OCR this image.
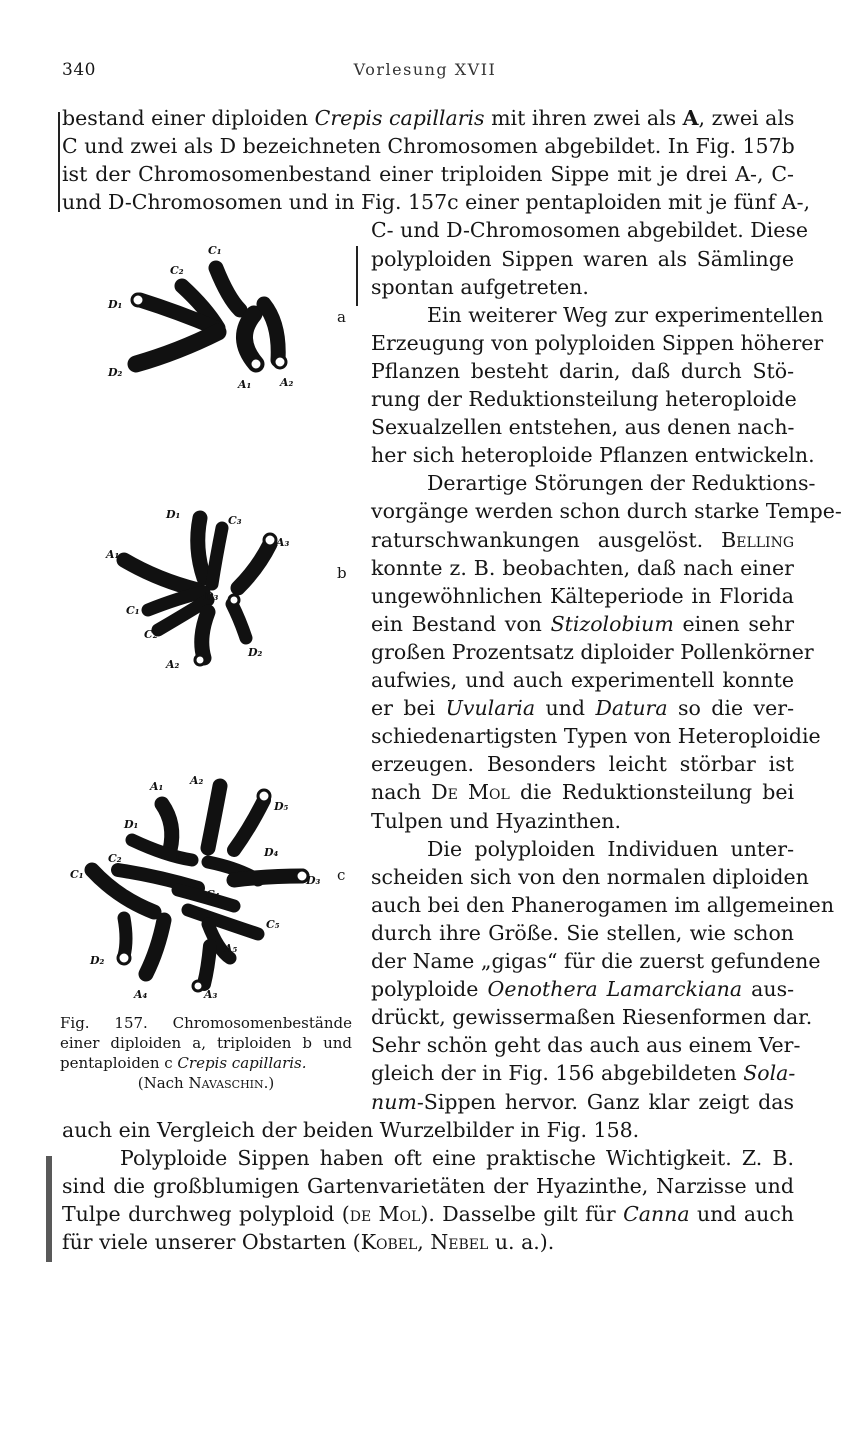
340	Vorlesung XVII
C₁
C₂
D₁
D₂
A₁	A₂
D₁	C₃
A₃
A₁
D₃
C₁
C₂
D₂
A₂
A₁ A₂
D₅
D₁
C₂	C₃	D₄
C₁	D₃
C₄
C₅
A₅
D₂
A₄	A₃
a
b
c
Fig. 157. Chromosomenbestände einer diploiden a, triploiden b und pentaploiden c Crepis capillaris.
(Nach Navaschin.)
bestand einer diploiden Crepis capillaris mit ihren zwei als A, zwei als
C und zwei als D bezeichneten Chromosomen abgebildet. In Fig. 157b
ist der Chromosomenbestand einer triploiden Sippe mit je drei A-, C-
und D-Chromosomen und in Fig. 157c einer pentaploiden mit je fünf A-,
C- und D-Chromosomen abgebildet. Diese
polyploiden Sippen waren als Sämlinge
spontan aufgetreten.
Ein weiterer Weg zur experimentellen
Erzeugung von polyploiden Sippen höherer
Pflanzen besteht darin, daß durch Stö-
rung der Reduktionsteilung heteroploide
Sexualzellen entstehen, aus denen nach-
her sich heteroploide Pflanzen entwickeln.
Derartige Störungen der Reduktions-
vorgänge werden schon durch starke Tempe-
raturschwankungen ausgelöst. Belling
konnte z. B. beobachten, daß nach einer
ungewöhnlichen Kälteperiode in Florida
ein Bestand von Stizolobium einen sehr
großen Prozentsatz diploider Pollenkörner
aufwies, und auch experimentell konnte
er bei Uvularia und Datura so die ver-
schiedenartigsten Typen von Heteroploidie
erzeugen. Besonders leicht störbar ist
nach De Mol die Reduktionsteilung bei
Tulpen und Hyazinthen.
Die polyploiden Individuen unter-
scheiden sich von den normalen diploiden
auch bei den Phanerogamen im allgemeinen
durch ihre Größe. Sie stellen, wie schon
der Name „gigas“ für die zuerst gefundene
polyploide Oenothera Lamarckiana aus-
drückt, gewissermaßen Riesenformen dar.
Sehr schön geht das auch aus einem Ver-
gleich der in Fig. 156 abgebildeten Sola-
num-Sippen hervor. Ganz klar zeigt das
auch ein Vergleich der beiden Wurzelbilder in Fig. 158.
Polyploide Sippen haben oft eine praktische Wichtigkeit. Z. B.
sind die großblumigen Gartenvarietäten der Hyazinthe, Narzisse und
Tulpe durchweg polyploid (de Mol). Dasselbe gilt für Canna und auch
für viele unserer Obstarten (Kobel, Nebel u. a.).
